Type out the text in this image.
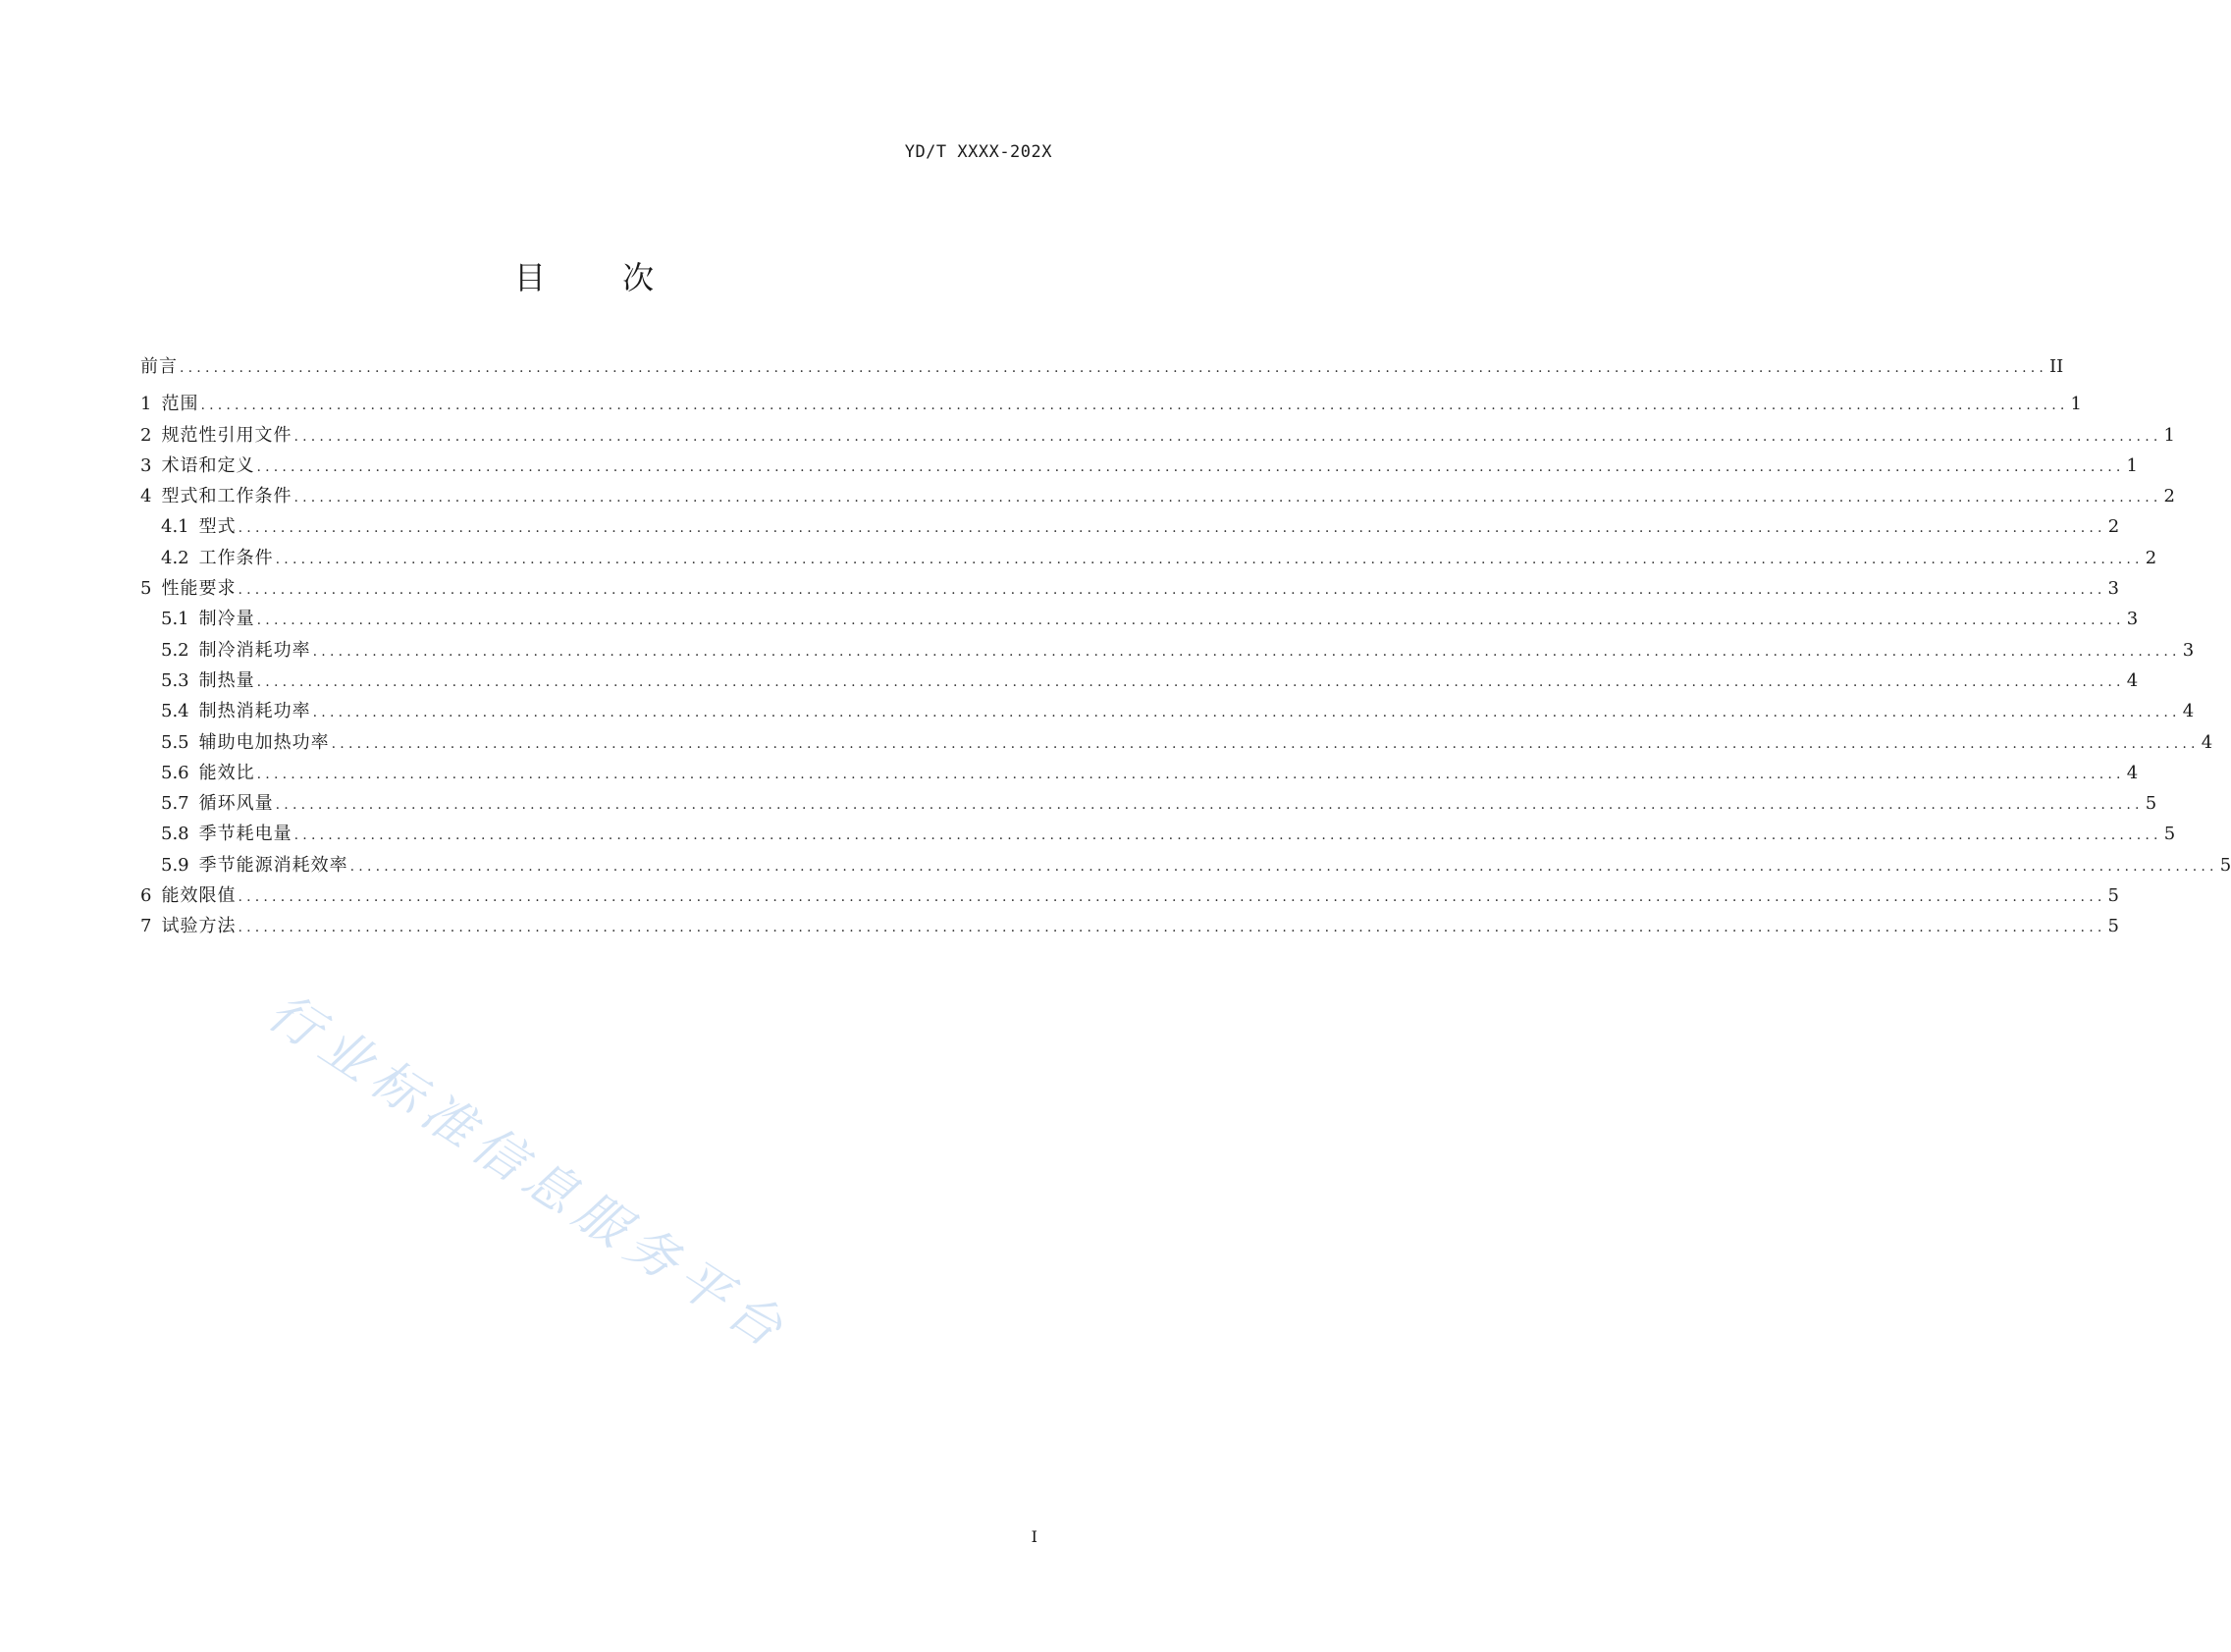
YD/T XXXX-202X
目 次
前言 ............................................................................................................................................................................................................................ II
1 范围 ............................................................................................................................................................................................................................ 1
2 规范性引用文件 ............................................................................................................................................................................................................................ 1
3 术语和定义 ............................................................................................................................................................................................................................ 1
4 型式和工作条件 ............................................................................................................................................................................................................................ 2
4.1 型式 ............................................................................................................................................................................................................................ 2
4.2 工作条件 ............................................................................................................................................................................................................................ 2
5 性能要求 ............................................................................................................................................................................................................................ 3
5.1 制冷量 ............................................................................................................................................................................................................................ 3
5.2 制冷消耗功率 ............................................................................................................................................................................................................................ 3
5.3 制热量 ............................................................................................................................................................................................................................ 4
5.4 制热消耗功率 ............................................................................................................................................................................................................................ 4
5.5 辅助电加热功率 ............................................................................................................................................................................................................................ 4
5.6 能效比 ............................................................................................................................................................................................................................ 4
5.7 循环风量 ............................................................................................................................................................................................................................ 5
5.8 季节耗电量 ............................................................................................................................................................................................................................ 5
5.9 季节能源消耗效率 ............................................................................................................................................................................................................................ 5
6 能效限值 ............................................................................................................................................................................................................................ 5
7 试验方法 ............................................................................................................................................................................................................................ 5
I
行业标准信息服务平台
